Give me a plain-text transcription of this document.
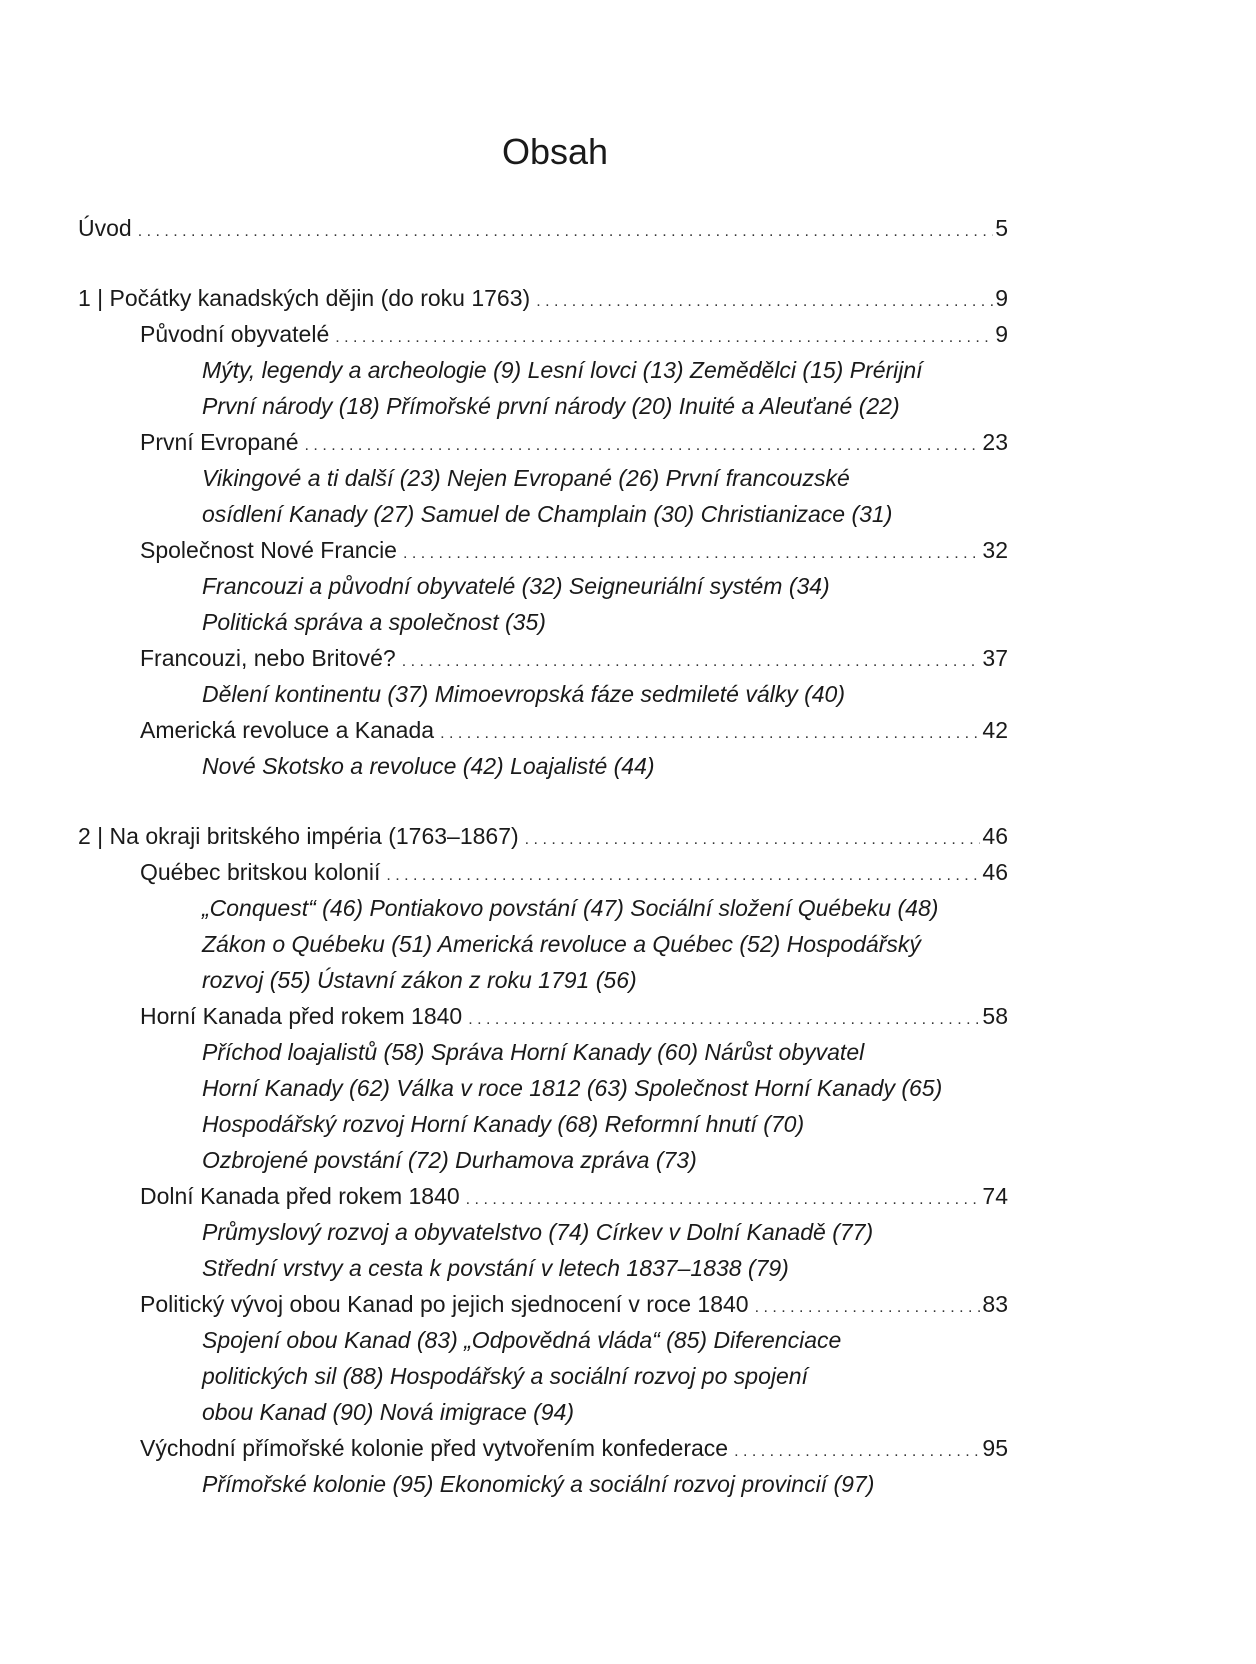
Obsah
Úvod . . .	5
1 | Počátky kanadských dějin (do roku 1763) . . .	9
Původní obyvatelé . . .	9
Mýty, legendy a archeologie (9) Lesní lovci (13) Zemědělci (15) Prérijní
První národy (18) Přímořské první národy (20) Inuité a Aleuťané (22)
První Evropané . . .	23
Vikingové a ti další (23) Nejen Evropané (26) První francouzské
osídlení Kanady (27) Samuel de Champlain (30) Christianizace (31)
Společnost Nové Francie . . .	32
Francouzi a původní obyvatelé (32) Seigneuriální systém (34)
Politická správa a společnost (35)
Francouzi, nebo Britové? . . .	37
Dělení kontinentu (37) Mimoevropská fáze sedmileté války (40)
Americká revoluce a Kanada . . .	42
Nové Skotsko a revoluce (42) Loajalisté (44)
2 | Na okraji britského impéria (1763–1867) . . .	46
Québec britskou kolonií . . .	46
„Conquest“ (46) Pontiakovo povstání (47) Sociální složení Québeku (48)
Zákon o Québeku (51) Americká revoluce a Québec (52) Hospodářský
rozvoj (55) Ústavní zákon z roku 1791 (56)
Horní Kanada před rokem 1840 . . .	58
Příchod loajalistů (58) Správa Horní Kanady (60) Nárůst obyvatel
Horní Kanady (62) Válka v roce 1812 (63) Společnost Horní Kanady (65)
Hospodářský rozvoj Horní Kanady (68) Reformní hnutí (70)
Ozbrojené povstání (72) Durhamova zpráva (73)
Dolní Kanada před rokem 1840 . . .	74
Průmyslový rozvoj a obyvatelstvo (74) Církev v Dolní Kanadě (77)
Střední vrstvy a cesta k povstání v letech 1837–1838 (79)
Politický vývoj obou Kanad po jejich sjednocení v roce 1840 . . .	83
Spojení obou Kanad (83) „Odpovědná vláda“ (85) Diferenciace
politických sil (88) Hospodářský a sociální rozvoj po spojení
obou Kanad (90) Nová imigrace (94)
Východní přímořské kolonie před vytvořením konfederace . . .	95
Přímořské kolonie (95) Ekonomický a sociální rozvoj provincií (97)
